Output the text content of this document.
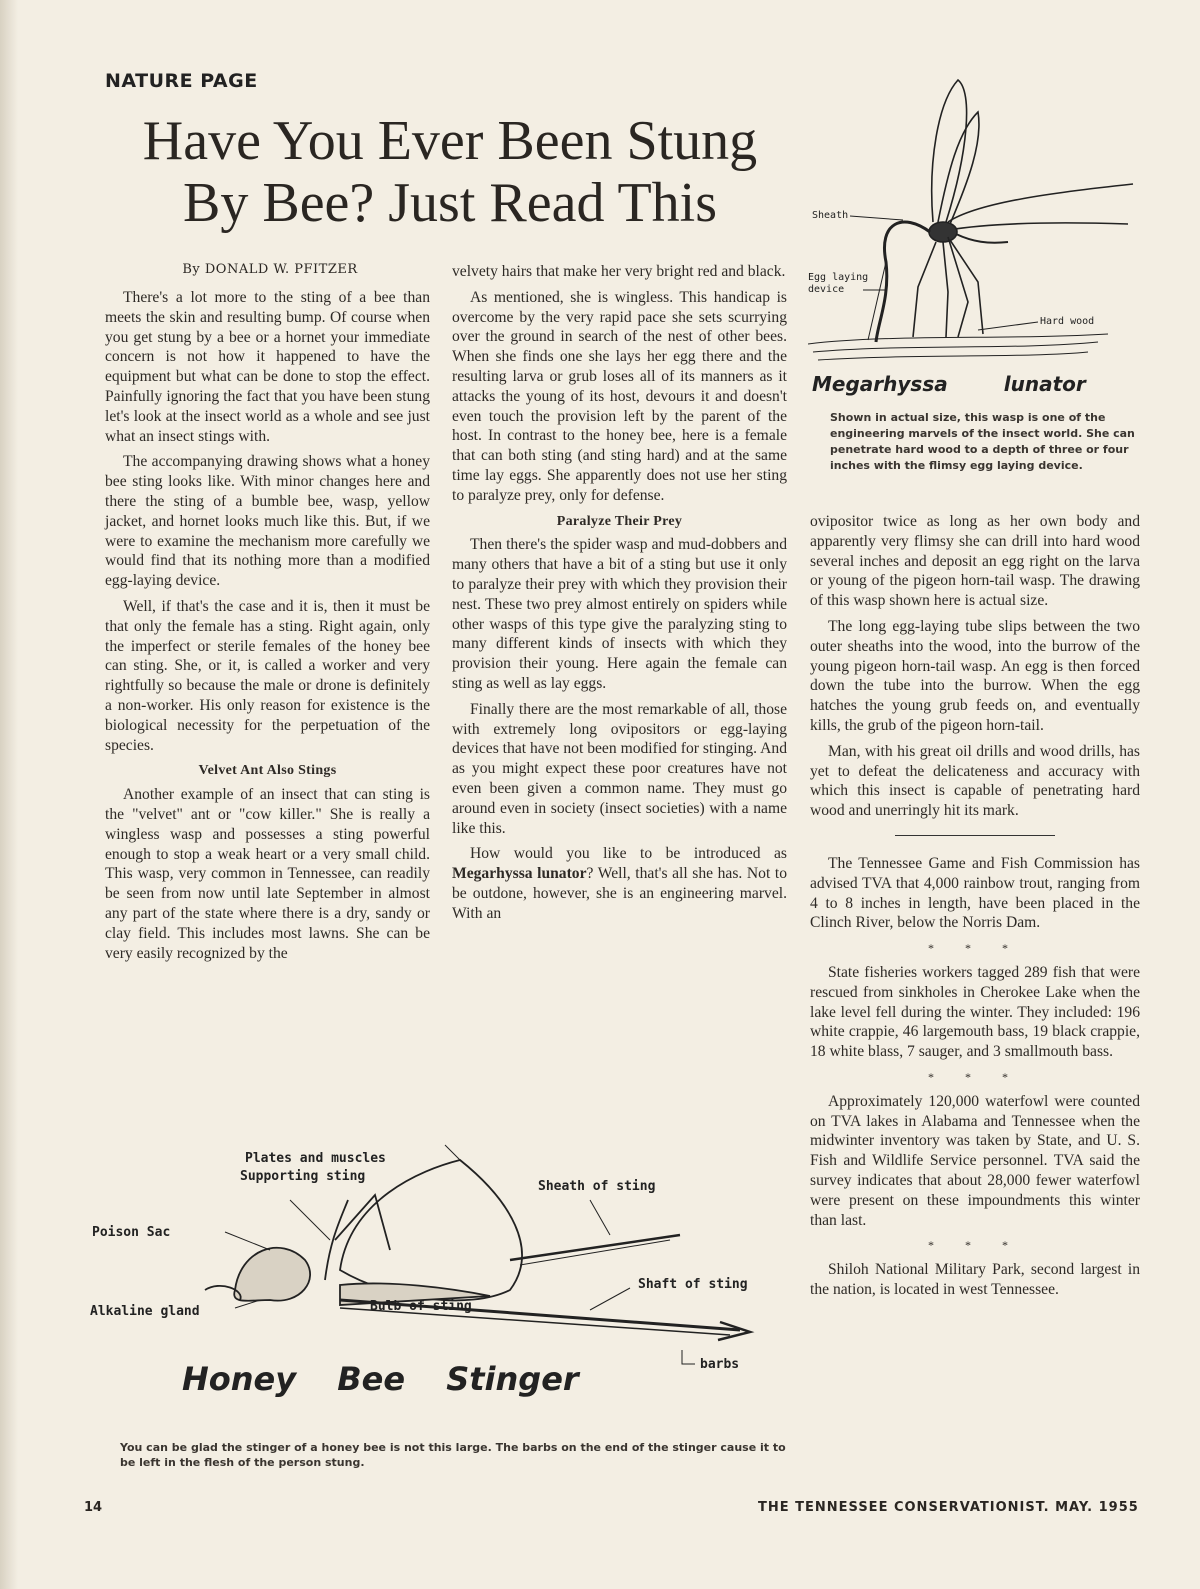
NATURE PAGE
Have You Ever Been Stung
By Bee? Just Read This
By DONALD W. PFITZER

There's a lot more to the sting of a bee than meets the skin and resulting bump. Of course when you get stung by a bee or a hornet your immediate concern is not how it happened to have the equipment but what can be done to stop the effect. Painfully ignoring the fact that you have been stung let's look at the insect world as a whole and see just what an insect stings with.

The accompanying drawing shows what a honey bee sting looks like. With minor changes here and there the sting of a bumble bee, wasp, yellow jacket, and hornet looks much like this. But, if we were to examine the mechanism more carefully we would find that its nothing more than a modified egg-laying device.

Well, if that's the case and it is, then it must be that only the female has a sting. Right again, only the imperfect or sterile females of the honey bee can sting. She, or it, is called a worker and very rightfully so because the male or drone is definitely a non-worker. His only reason for existence is the biological necessity for the perpetuation of the species.

Velvet Ant Also Stings

Another example of an insect that can sting is the "velvet" ant or "cow killer." She is really a wingless wasp and possesses a sting powerful enough to stop a weak heart or a very small child. This wasp, very common in Tennessee, can readily be seen from now until late September in almost any part of the state where there is a dry, sandy or clay field. This includes most lawns. She can be very easily recognized by the

velvety hairs that make her very bright red and black.

As mentioned, she is wingless. This handicap is overcome by the very rapid pace she sets scurrying over the ground in search of the nest of other bees. When she finds one she lays her egg there and the resulting larva or grub loses all of its manners as it attacks the young of its host, devours it and doesn't even touch the provision left by the parent of the host. In contrast to the honey bee, here is a female that can both sting (and sting hard) and at the same time lay eggs. She apparently does not use her sting to paralyze prey, only for defense.

Paralyze Their Prey

Then there's the spider wasp and mud-dobbers and many others that have a bit of a sting but use it only to paralyze their prey with which they provision their nest. These two prey almost entirely on spiders while other wasps of this type give the paralyzing sting to many different kinds of insects with which they provision their young. Here again the female can sting as well as lay eggs.

Finally there are the most remarkable of all, those with extremely long ovipositors or egg-laying devices that have not been modified for stinging. And as you might expect these poor creatures have not even been given a common name. They must go around even in society (insect societies) with a name like this.

How would you like to be introduced as Megarhyssa lunator? Well, that's all she has. Not to be outdone, however, she is an engineering marvel. With an

Sheath
Egg laying
device
Hard wood
Megarhyssa	lunator
Shown in actual size, this wasp is one of the engineering marvels of the insect world. She can penetrate hard wood to a depth of three or four inches with the flimsy egg laying device.

ovipositor twice as long as her own body and apparently very flimsy she can drill into hard wood several inches and deposit an egg right on the larva or young of the pigeon horn-tail wasp. The drawing of this wasp shown here is actual size.

The long egg-laying tube slips between the two outer sheaths into the wood, into the burrow of the young pigeon horn-tail wasp. An egg is then forced down the tube into the burrow. When the egg hatches the young grub feeds on, and eventually kills, the grub of the pigeon horn-tail.

Man, with his great oil drills and wood drills, has yet to defeat the delicateness and accuracy with which this insect is capable of penetrating hard wood and unerringly hit its mark.

The Tennessee Game and Fish Commission has advised TVA that 4,000 rainbow trout, ranging from 4 to 8 inches in length, have been placed in the Clinch River, below the Norris Dam.

* * *

State fisheries workers tagged 289 fish that were rescued from sinkholes in Cherokee Lake when the lake level fell during the winter. They included: 196 white crappie, 46 largemouth bass, 19 black crappie, 18 white blass, 7 sauger, and 3 smallmouth bass.

* * *

Approximately 120,000 waterfowl were counted on TVA lakes in Alabama and Tennessee when the midwinter inventory was taken by State, and U. S. Fish and Wildlife Service personnel. TVA said the survey indicates that about 28,000 fewer waterfowl were present on these impoundments this winter than last.

* * *

Shiloh National Military Park, second largest in the nation, is located in west Tennessee.

Plates and muscles
Supporting sting
Sheath of sting
Poison Sac
Shaft of sting
Alkaline gland	Bulb of sting
barbs
Honey Bee Stinger
You can be glad the stinger of a honey bee is not this large. The barbs on the end of the stinger cause it to be left in the flesh of the person stung.
14	THE TENNESSEE CONSERVATIONIST. MAY. 1955
